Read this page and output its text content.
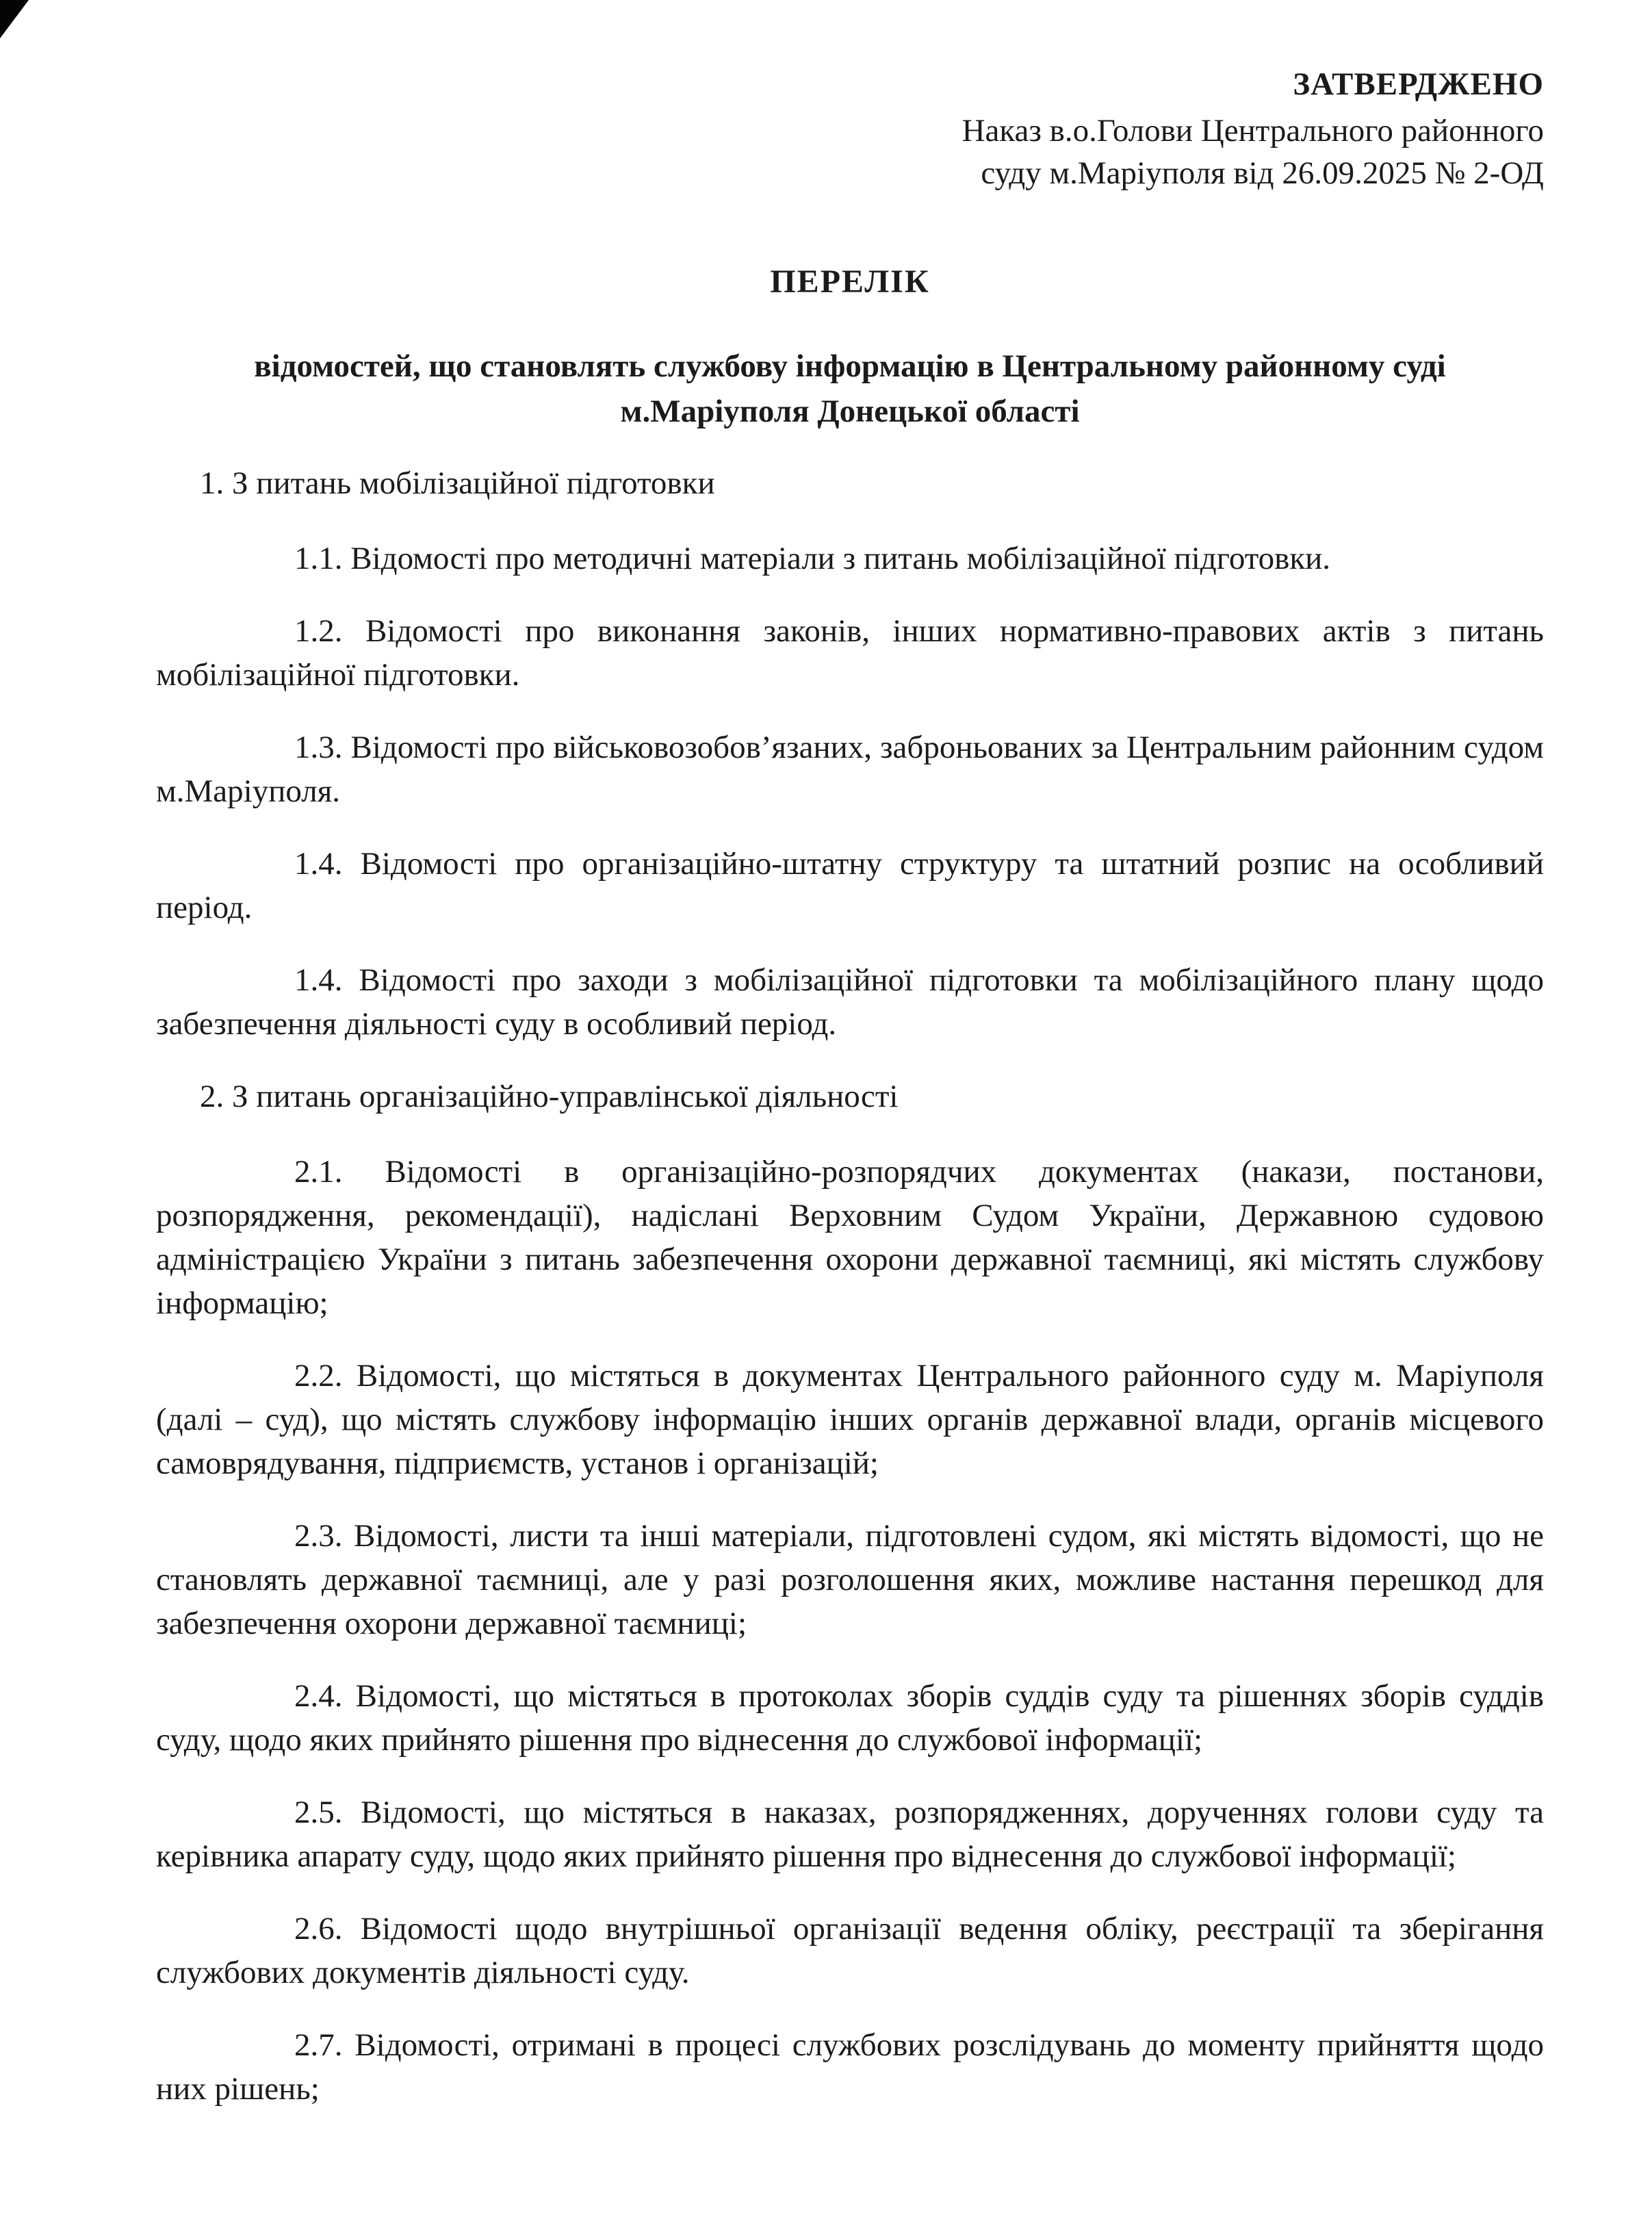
ЗАТВЕРДЖЕНО
Наказ в.о.Голови Центрального районного
суду м.Маріуполя від 26.09.2025 № 2-ОД
ПЕРЕЛІК
відомостей, що становлять службову інформацію в Центральному районному суді м.Маріуполя Донецької області

1. З питань мобілізаційної підготовки

1.1. Відомості про методичні матеріали з питань мобілізаційної підготовки.

1.2. Відомості про виконання законів, інших нормативно-правових актів з питань мобілізаційної підготовки.

1.3. Відомості про військовозобов’язаних, заброньованих за Центральним районним судом м.Маріуполя.

1.4. Відомості про організаційно-штатну структуру та штатний розпис на особливий період.

1.4. Відомості про заходи з мобілізаційної підготовки та мобілізаційного плану щодо забезпечення діяльності суду в особливий період.

2. З питань організаційно-управлінської діяльності

2.1. Відомості в організаційно-розпорядчих документах (накази, постанови, розпорядження, рекомендації), надіслані Верховним Судом України, Державною судовою адміністрацією України з питань забезпечення охорони державної таємниці, які містять службову інформацію;

2.2. Відомості, що містяться в документах Центрального районного суду м. Маріуполя (далі – суд), що містять службову інформацію інших органів державної влади, органів місцевого самоврядування, підприємств, установ і організацій;

2.3. Відомості, листи та інші матеріали, підготовлені судом, які містять відомості, що не становлять державної таємниці, але у разі розголошення яких, можливе настання перешкод для забезпечення охорони державної таємниці;

2.4. Відомості, що містяться в протоколах зборів суддів суду та рішеннях зборів суддів суду, щодо яких прийнято рішення про віднесення до службової інформації;

2.5. Відомості, що містяться в наказах, розпорядженнях, дорученнях голови суду та керівника апарату суду, щодо яких прийнято рішення про віднесення до службової інформації;

2.6. Відомості щодо внутрішньої організації ведення обліку, реєстрації та зберігання службових документів діяльності суду.

2.7. Відомості, отримані в процесі службових розслідувань до моменту прийняття щодо них рішень;
